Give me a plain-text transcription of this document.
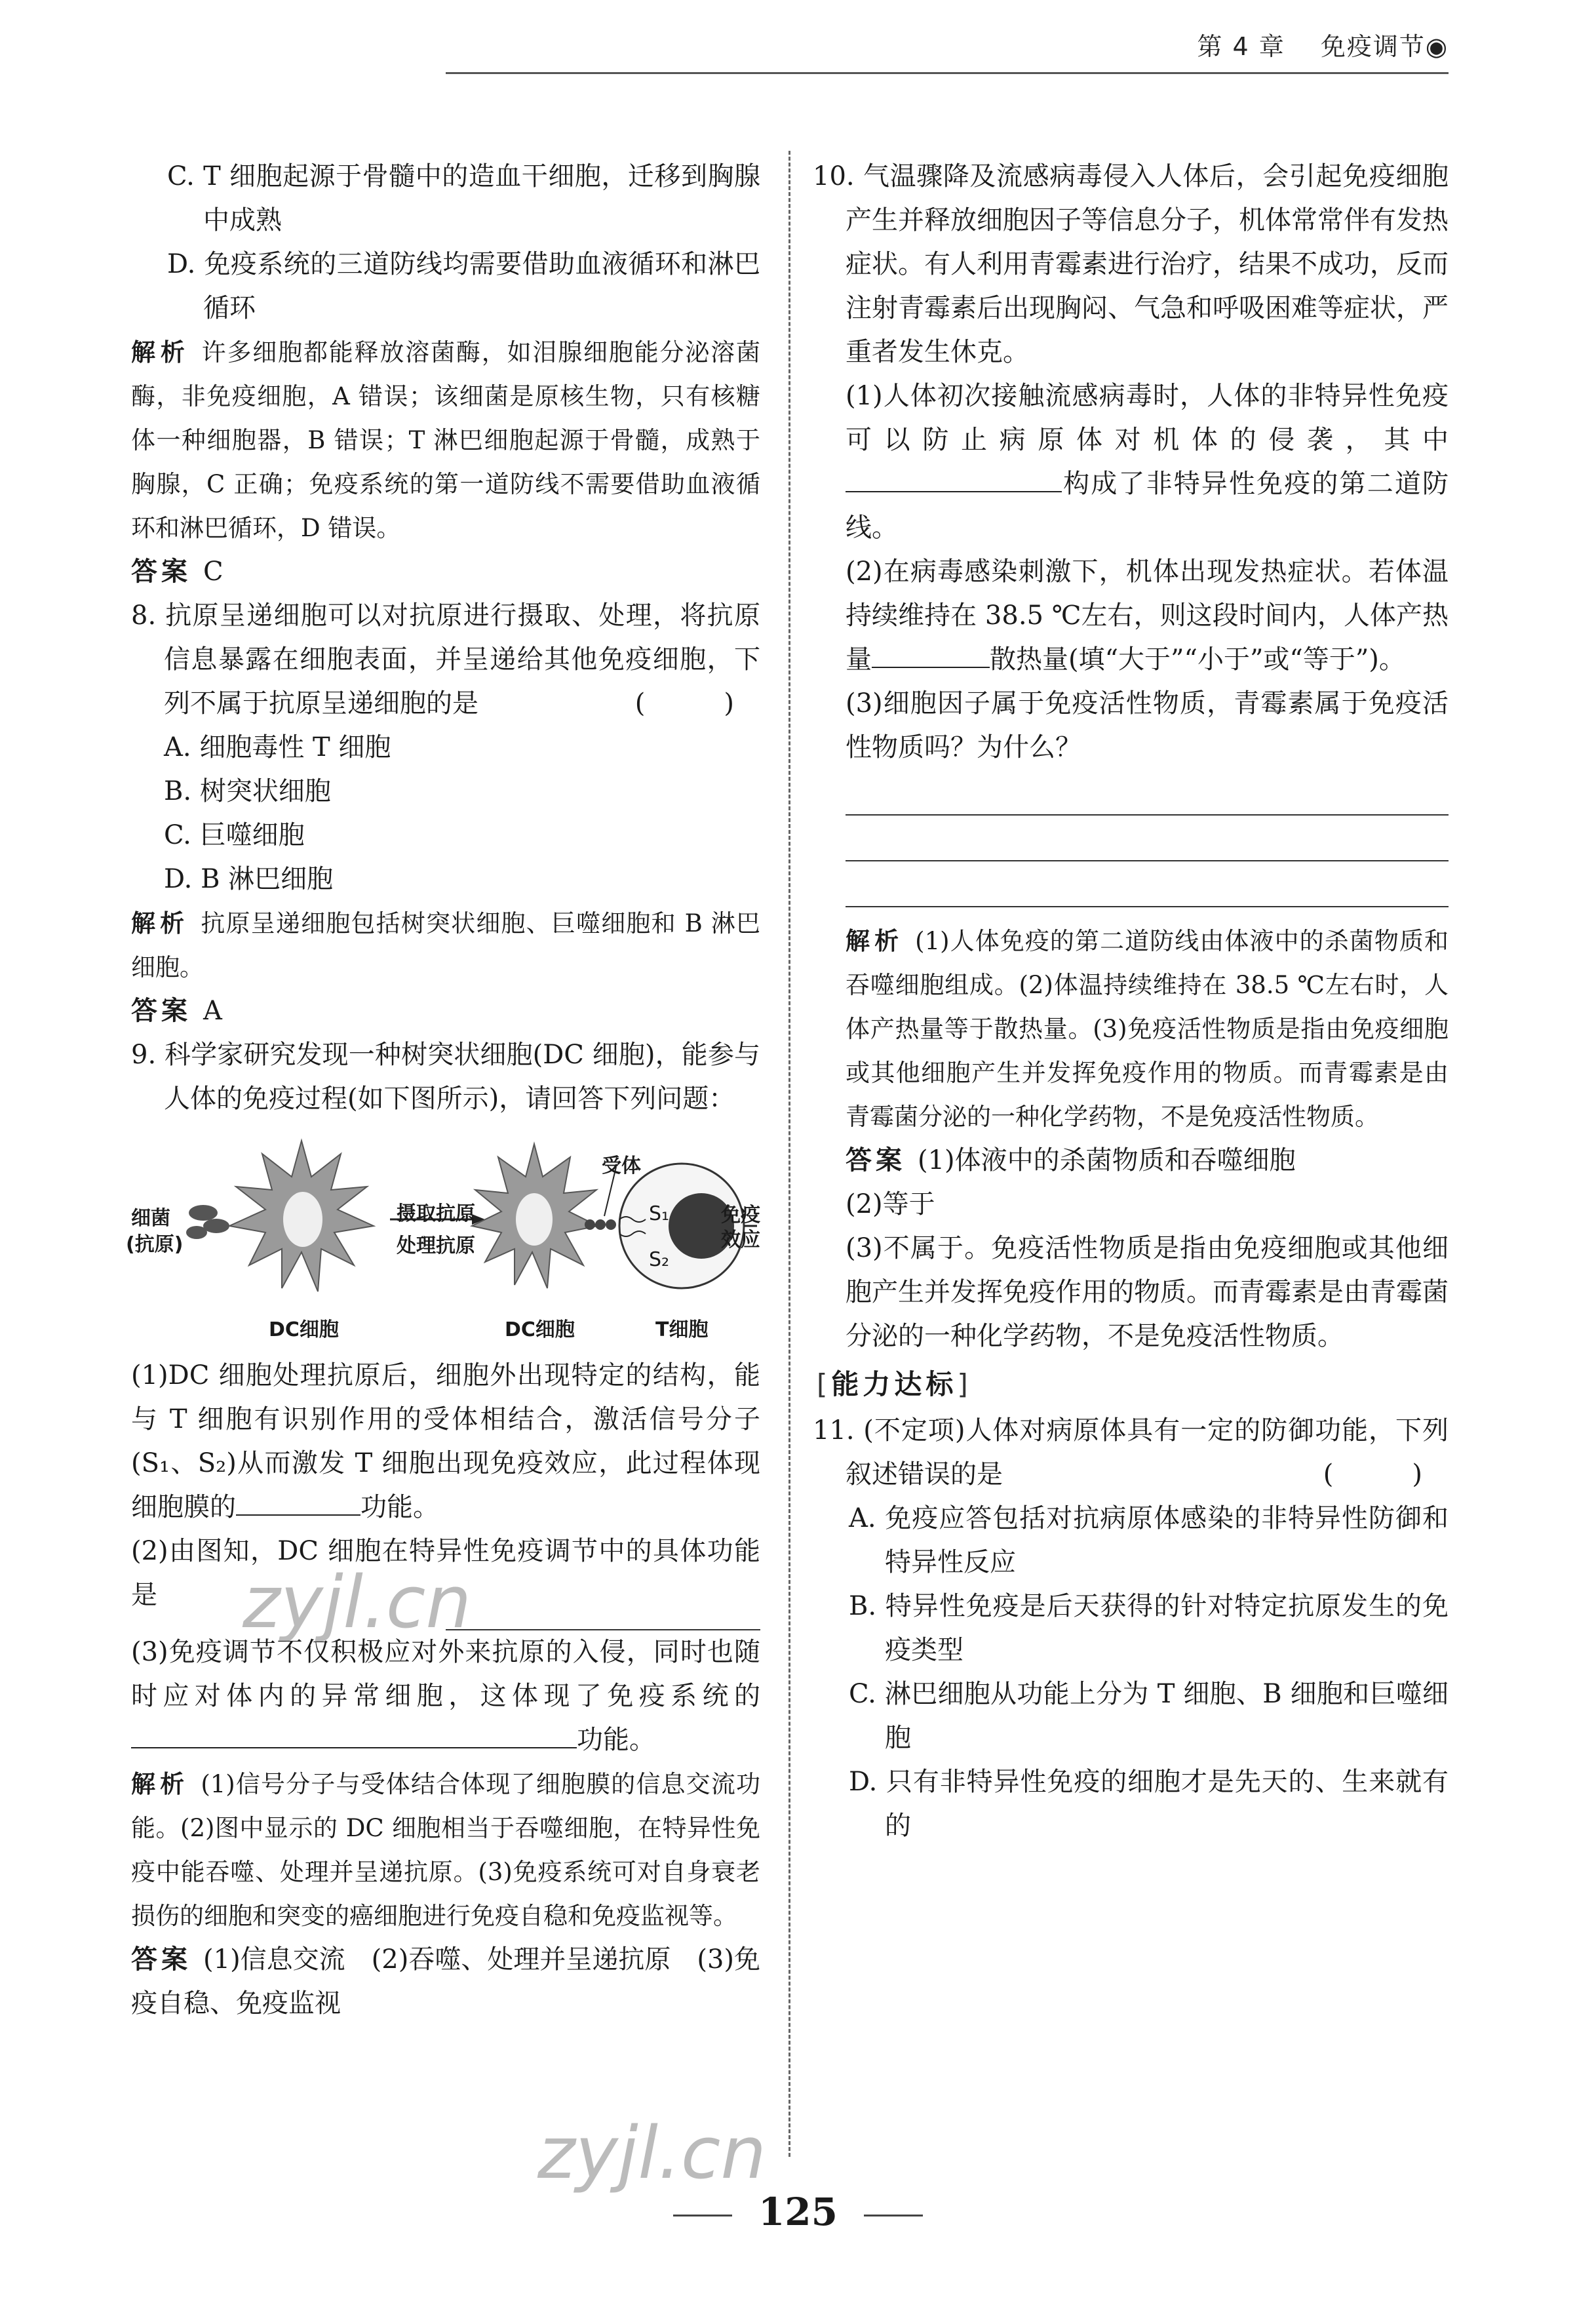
第 4 章 免疫调节◉

C. T 细胞起源于骨髓中的造血干细胞，迁移到胸腺中成熟

D. 免疫系统的三道防线均需要借助血液循环和淋巴循环

解析 许多细胞都能释放溶菌酶，如泪腺细胞能分泌溶菌酶，非免疫细胞，A 错误；该细菌是原核生物，只有核糖体一种细胞器，B 错误；T 淋巴细胞起源于骨髓，成熟于胸腺，C 正确；免疫系统的第一道防线不需要借助血液循环和淋巴循环，D 错误。

答案 C

8. 抗原呈递细胞可以对抗原进行摄取、处理，将抗原信息暴露在细胞表面，并呈递给其他免疫细胞，下列不属于抗原呈递细胞的是	(　)

A. 细胞毒性 T 细胞

B. 树突状细胞

C. 巨噬细胞

D. B 淋巴细胞

解析 抗原呈递细胞包括树突状细胞、巨噬细胞和 B 淋巴细胞。

答案 A

9. 科学家研究发现一种树突状细胞(DC 细胞)，能参与人体的免疫过程(如下图所示)，请回答下列问题：

细菌
(抗原)
摄取抗原
处理抗原
受体
S₁
S₂
免疫
效应
DC细胞	DC细胞	T细胞

(1)DC 细胞处理抗原后，细胞外出现特定的结构，能与 T 细胞有识别作用的受体相结合，激活信号分子(S₁、S₂)从而激发 T 细胞出现免疫效应，此过程体现细胞膜的	功能。

(2)由图知，DC 细胞在特异性免疫调节中的具体功能是

(3)免疫调节不仅积极应对外来抗原的入侵，同时也随时应对体内的异常细胞，这体现了免疫系统的功能。

解析 (1)信号分子与受体结合体现了细胞膜的信息交流功能。(2)图中显示的 DC 细胞相当于吞噬细胞，在特异性免疫中能吞噬、处理并呈递抗原。(3)免疫系统可对自身衰老损伤的细胞和突变的癌细胞进行免疫自稳和免疫监视等。

答案 (1)信息交流　(2)吞噬、处理并呈递抗原　(3)免疫自稳、免疫监视

10. 气温骤降及流感病毒侵入人体后，会引起免疫细胞产生并释放细胞因子等信息分子，机体常常伴有发热症状。有人利用青霉素进行治疗，结果不成功，反而注射青霉素后出现胸闷、气急和呼吸困难等症状，严重者发生休克。

(1)人体初次接触流感病毒时，人体的非特异性免疫可以防止病原体对机体的侵袭，其中构成了非特异性免疫的第二道防线。

(2)在病毒感染刺激下，机体出现发热症状。若体温持续维持在 38.5 ℃左右，则这段时间内，人体产热量	散热量(填“大于”“小于”或“等于”)。

(3)细胞因子属于免疫活性物质，青霉素属于免疫活性物质吗？为什么？

解析 (1)人体免疫的第二道防线由体液中的杀菌物质和吞噬细胞组成。(2)体温持续维持在 38.5 ℃左右时，人体产热量等于散热量。(3)免疫活性物质是指由免疫细胞或其他细胞产生并发挥免疫作用的物质。而青霉素是由青霉菌分泌的一种化学药物，不是免疫活性物质。

答案 (1)体液中的杀菌物质和吞噬细胞

(2)等于

(3)不属于。免疫活性物质是指由免疫细胞或其他细胞产生并发挥免疫作用的物质。而青霉素是由青霉菌分泌的一种化学药物，不是免疫活性物质。

[能力达标]

11. (不定项)人体对病原体具有一定的防御功能，下列叙述错误的是	(　)

A. 免疫应答包括对抗病原体感染的非特异性防御和特异性反应

B. 特异性免疫是后天获得的针对特定抗原发生的免疫类型

C. 淋巴细胞从功能上分为 T 细胞、B 细胞和巨噬细胞

D. 只有非特异性免疫的细胞才是先天的、生来就有的

zyjl.cn
zyjl.cn
125
